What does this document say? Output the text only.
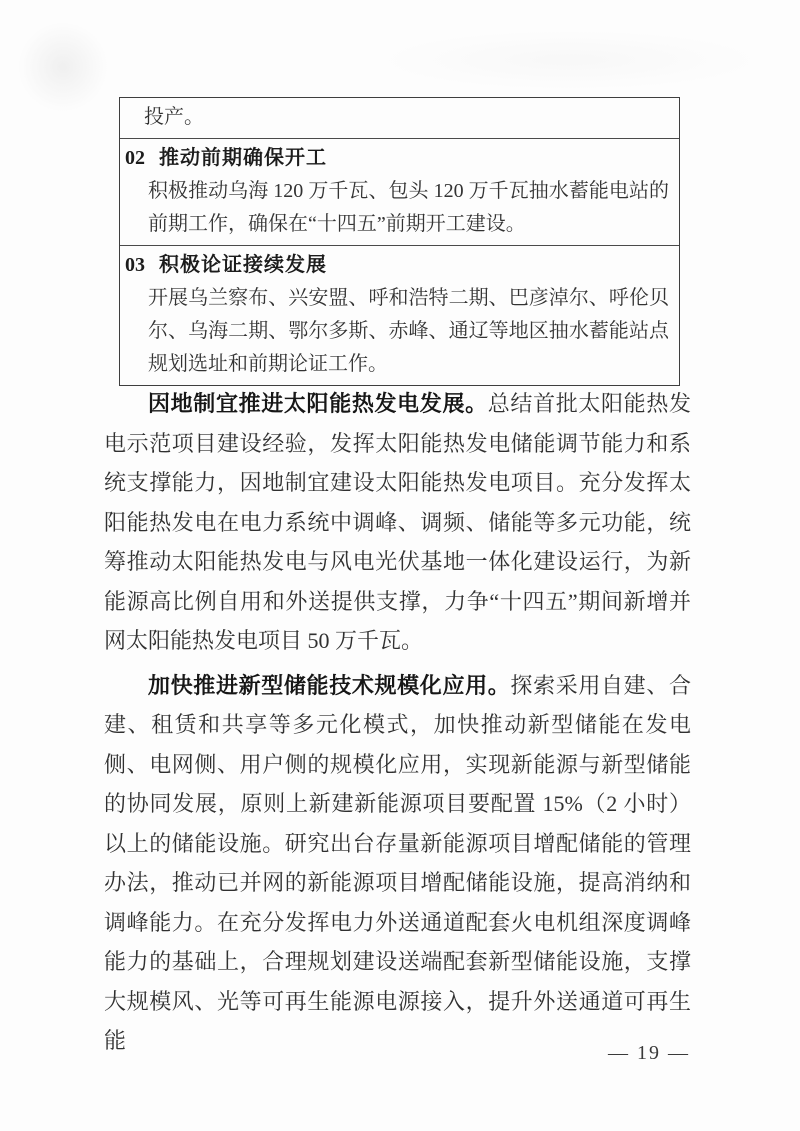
投产。
02 推动前期确保开工
积极推动乌海 120 万千瓦、包头 120 万千瓦抽水蓄能电站的前期工作，确保在“十四五”前期开工建设。
03 积极论证接续发展
开展乌兰察布、兴安盟、呼和浩特二期、巴彦淖尔、呼伦贝尔、乌海二期、鄂尔多斯、赤峰、通辽等地区抽水蓄能站点规划选址和前期论证工作。

因地制宜推进太阳能热发电发展。总结首批太阳能热发电示范项目建设经验，发挥太阳能热发电储能调节能力和系统支撑能力，因地制宜建设太阳能热发电项目。充分发挥太阳能热发电在电力系统中调峰、调频、储能等多元功能，统筹推动太阳能热发电与风电光伏基地一体化建设运行，为新能源高比例自用和外送提供支撑，力争“十四五”期间新增并网太阳能热发电项目 50 万千瓦。

加快推进新型储能技术规模化应用。探索采用自建、合建、租赁和共享等多元化模式，加快推动新型储能在发电侧、电网侧、用户侧的规模化应用，实现新能源与新型储能的协同发展，原则上新建新能源项目要配置 15%（2 小时）以上的储能设施。研究出台存量新能源项目增配储能的管理办法，推动已并网的新能源项目增配储能设施，提高消纳和调峰能力。在充分发挥电力外送通道配套火电机组深度调峰能力的基础上，合理规划建设送端配套新型储能设施，支撑大规模风、光等可再生能源电源接入，提升外送通道可再生能	— 19 —
